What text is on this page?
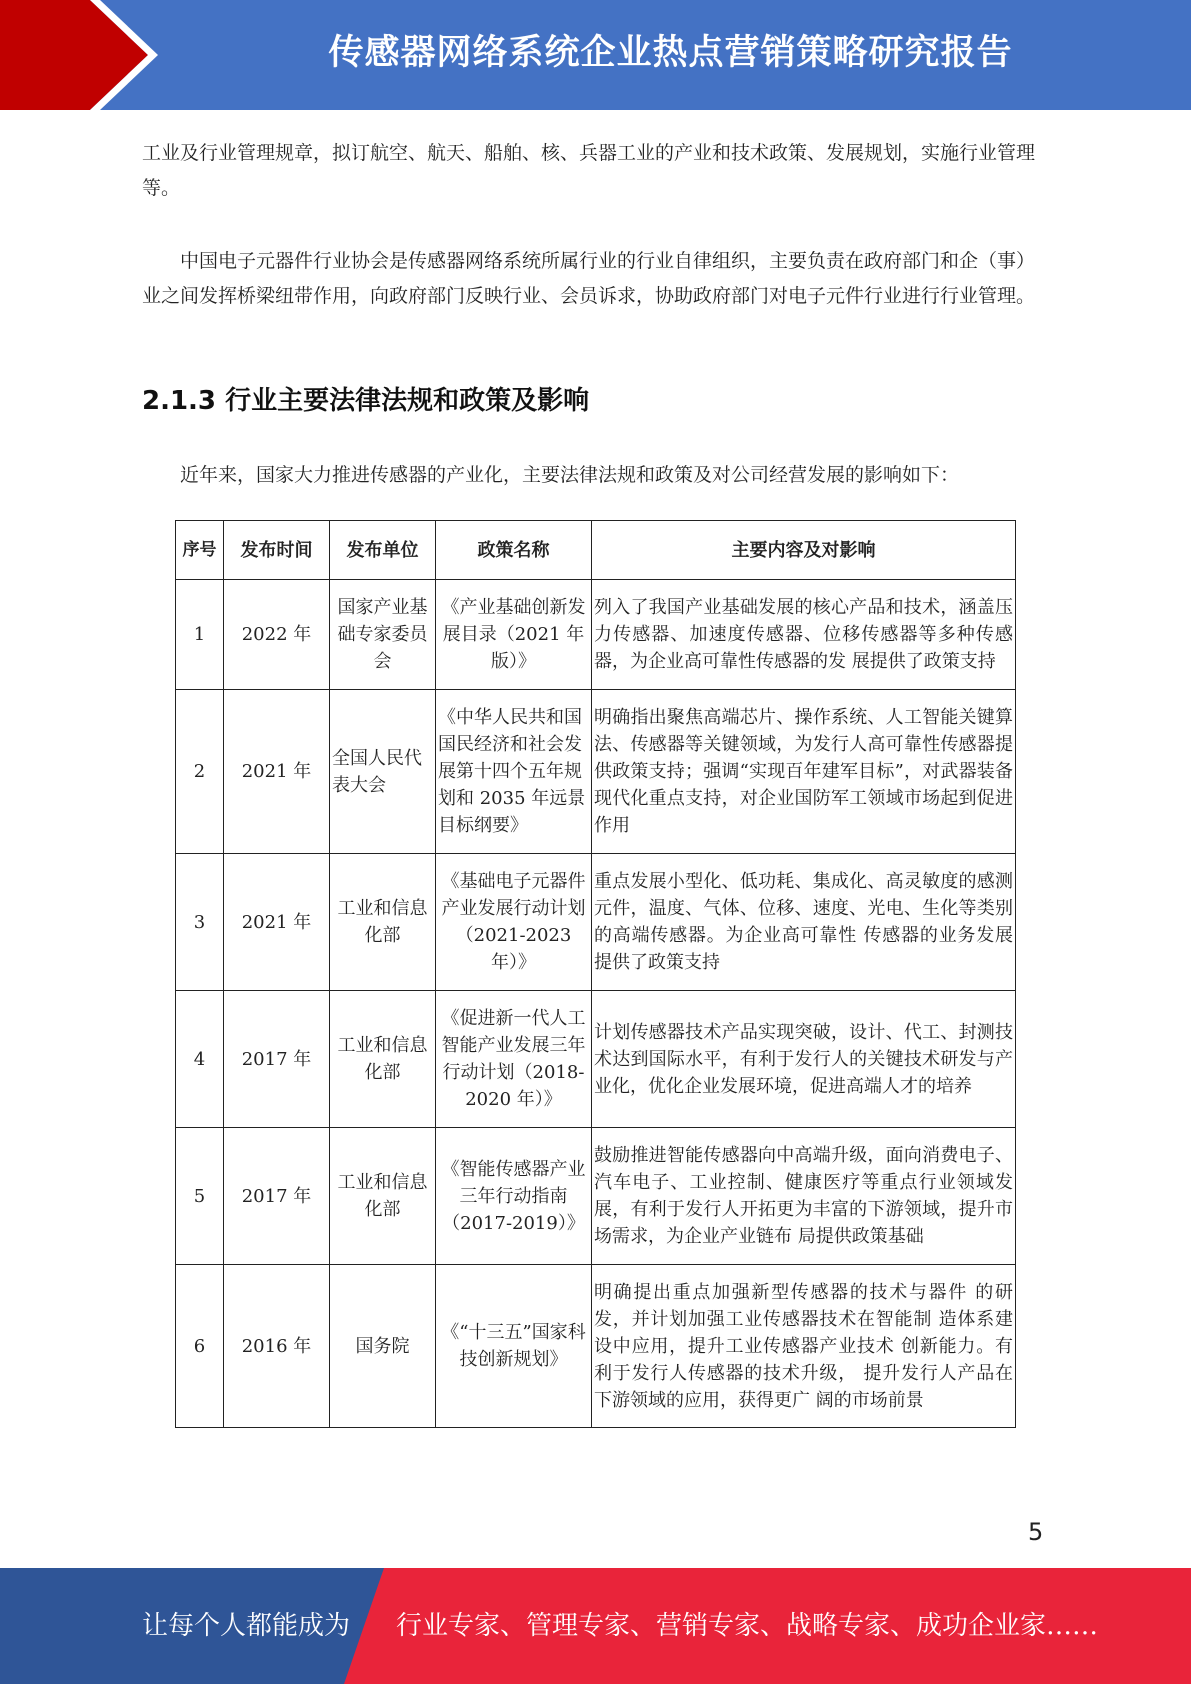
传感器网络系统企业热点营销策略研究报告

工业及行业管理规章，拟订航空、航天、船舶、核、兵器工业的产业和技术政策、发展规划，实施行业管理等。

中国电子元器件行业协会是传感器网络系统所属行业的行业自律组织，主要负责在政府部门和企（事）业之间发挥桥梁纽带作用，向政府部门反映行业、会员诉求，协助政府部门对电子元件行业进行行业管理。

2.1.3 行业主要法律法规和政策及影响

近年来，国家大力推进传感器的产业化，主要法律法规和政策及对公司经营发展的影响如下：

序号	发布时间	发布单位	政策名称	主要内容及对影响
1	2022 年	国家产业基础专家委员会	《产业基础创新发展目录（2021 年版）》	列入了我国产业基础发展的核心产品和技术，涵盖压力传感器、加速度传感器、位移传感器等多种传感器，为企业高可靠性传感器的发 展提供了政策支持
2	2021 年	全国人民代表大会	《中华人民共和国国民经济和社会发展第十四个五年规划和 2035 年远景目标纲要》	明确指出聚焦高端芯片、操作系统、人工智能关键算法、传感器等关键领域，为发行人高可靠性传感器提供政策支持；强调“实现百年建军目标”，对武器装备现代化重点支持，对企业国防军工领域市场起到促进作用
3	2021 年	工业和信息化部	《基础电子元器件产业发展行动计划（2021-2023 年）》	重点发展小型化、低功耗、集成化、高灵敏度的感测元件，温度、气体、位移、速度、光电、生化等类别的高端传感器。为企业高可靠性 传感器的业务发展提供了政策支持
4	2017 年	工业和信息化部	《促进新一代人工智能产业发展三年行动计划（2018-2020 年）》	计划传感器技术产品实现突破，设计、代工、封测技术达到国际水平，有利于发行人的关键技术研发与产业化，优化企业发展环境，促进高端人才的培养
5	2017 年	工业和信息化部	《智能传感器产业三年行动指南（2017-2019）》	鼓励推进智能传感器向中高端升级，面向消费电子、汽车电子、工业控制、健康医疗等重点行业领域发展，有利于发行人开拓更为丰富的下游领域，提升市场需求，为企业产业链布 局提供政策基础
6	2016 年	国务院	《“十三五”国家科技创新规划》	明确提出重点加强新型传感器的技术与器件 的研发，并计划加强工业传感器技术在智能制 造体系建设中应用，提升工业传感器产业技术 创新能力。有利于发行人传感器的技术升级， 提升发行人产品在下游领域的应用，获得更广 阔的市场前景
5
让每个人都能成为 行业专家、管理专家、营销专家、战略专家、成功企业家……
